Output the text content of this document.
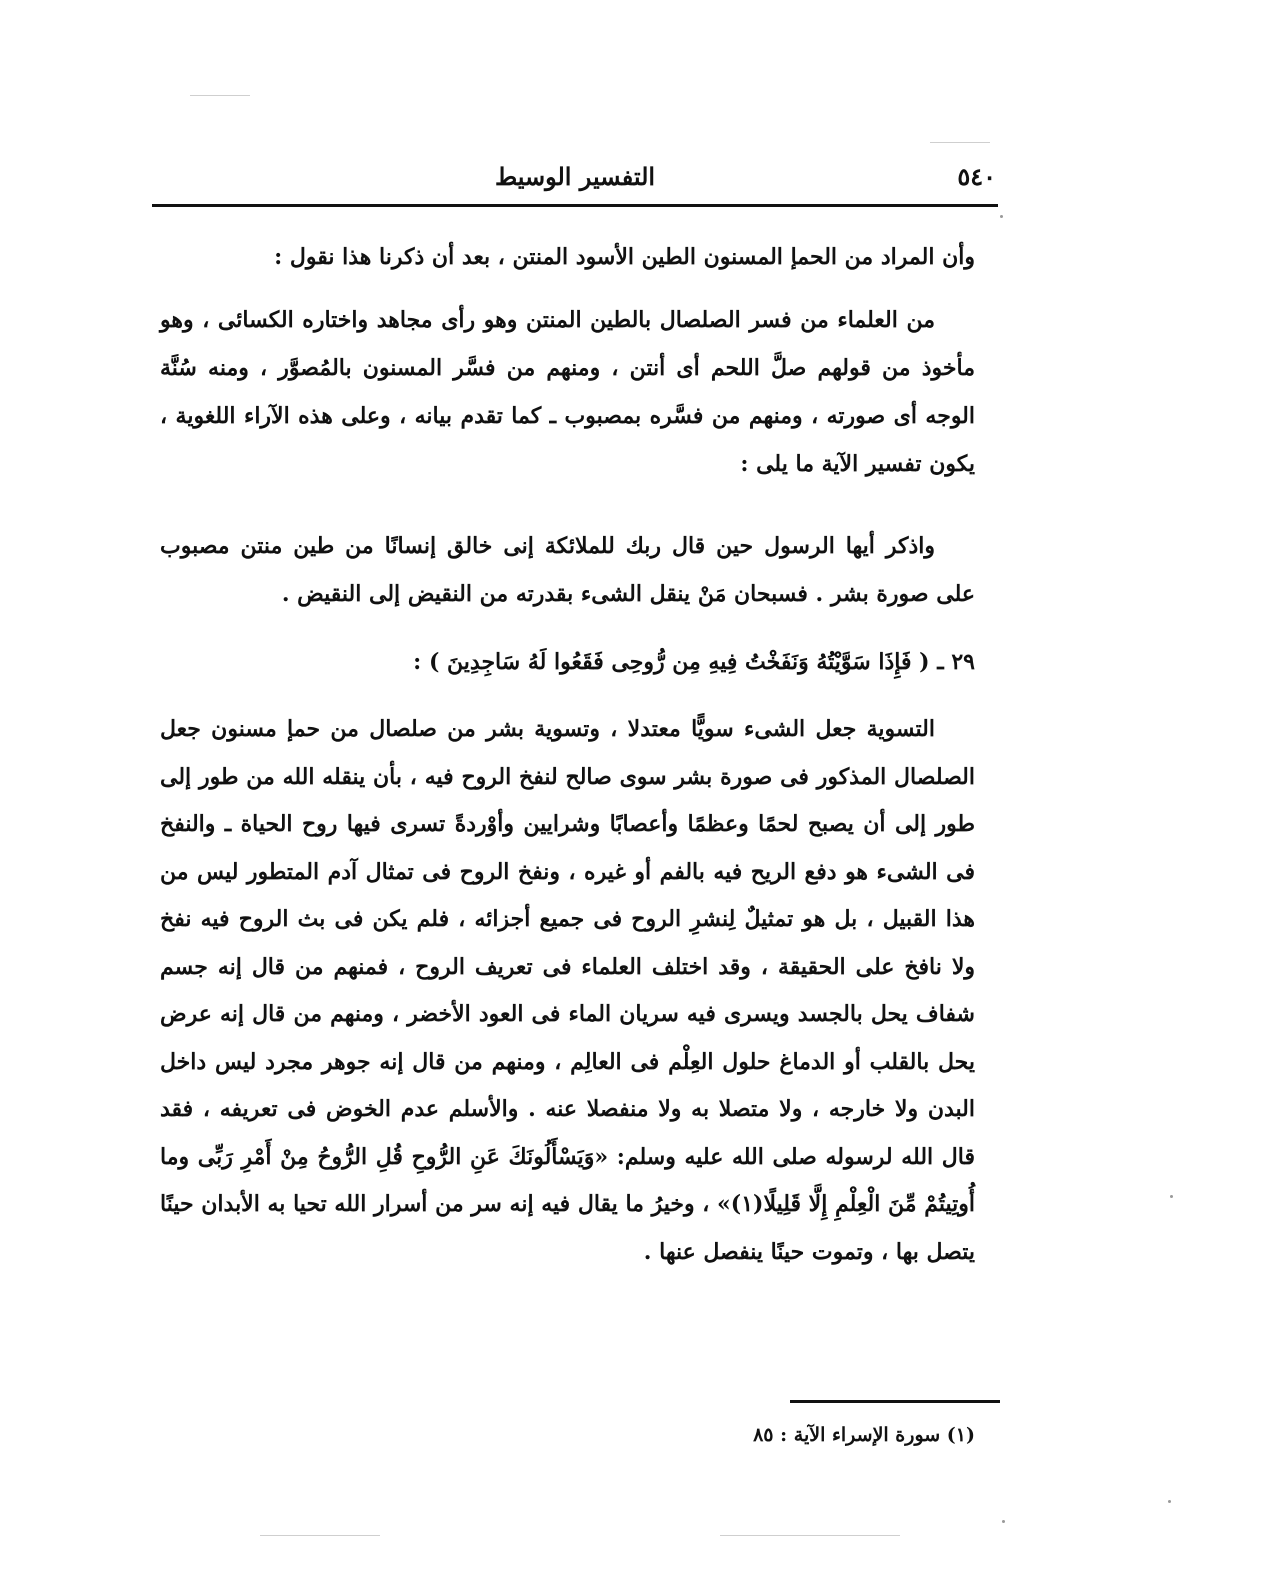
٥٤٠
التفسير الوسيط

وأن المراد من الحمإ المسنون الطين الأسود المنتن ، بعد أن ذكرنا هذا نقول :

من العلماء من فسر الصلصال بالطين المنتن وهو رأى مجاهد واختاره الكسائى ، وهو مأخوذ من قولهم صلَّ اللحم أى أنتن ، ومنهم من فسَّر المسنون بالمُصوَّر ، ومنه سُنَّة الوجه أى صورته ، ومنهم من فسَّره بمصبوب ـ كما تقدم بيانه ، وعلى هذه الآراء اللغوية ، يكون تفسير الآية ما يلى :

واذكر أيها الرسول حين قال ربك للملائكة إنى خالق إنسانًا من طين منتن مصبوب على صورة بشر . فسبحان مَنْ ينقل الشىء بقدرته من النقيض إلى النقيض .

٢٩ ـ ( فَإِذَا سَوَّيْتُهُ وَنَفَخْتُ فِيهِ مِن رُّوحِى فَقَعُوا لَهُ سَاجِدِينَ ) :

التسوية جعل الشىء سويًّا معتدلا ، وتسوية بشر من صلصال من حمإ مسنون جعل الصلصال المذكور فى صورة بشر سوى صالح لنفخ الروح فيه ، بأن ينقله الله من طور إلى طور إلى أن يصبح لحمًا وعظمًا وأعصابًا وشرايين وأوْردةً تسرى فيها روح الحياة ـ والنفخ فى الشىء هو دفع الريح فيه بالفم أو غيره ، ونفخ الروح فى تمثال آدم المتطور ليس من هذا القبيل ، بل هو تمثيلٌ لِنشرِ الروح فى جميع أجزائه ، فلم يكن فى بث الروح فيه نفخ ولا نافخ على الحقيقة ، وقد اختلف العلماء فى تعريف الروح ، فمنهم من قال إنه جسم شفاف يحل بالجسد ويسرى فيه سريان الماء فى العود الأخضر ، ومنهم من قال إنه عرض يحل بالقلب أو الدماغ حلول العِلْم فى العالِم ، ومنهم من قال إنه جوهر مجرد ليس داخل البدن ولا خارجه ، ولا متصلا به ولا منفصلا عنه . والأسلم عدم الخوض فى تعريفه ، فقد قال الله لرسوله صلى الله عليه وسلم: «وَيَسْأَلُونَكَ عَنِ الرُّوحِ قُلِ الرُّوحُ مِنْ أَمْرِ رَبِّى وما أُوتِيتُمْ مِّنَ الْعِلْمِ إِلَّا قَلِيلًا(١)» ، وخيرُ ما يقال فيه إنه سر من أسرار الله تحيا به الأبدان حينًا يتصل بها ، وتموت حينًا ينفصل عنها .

(١) سورة الإسراء الآية : ٨٥
